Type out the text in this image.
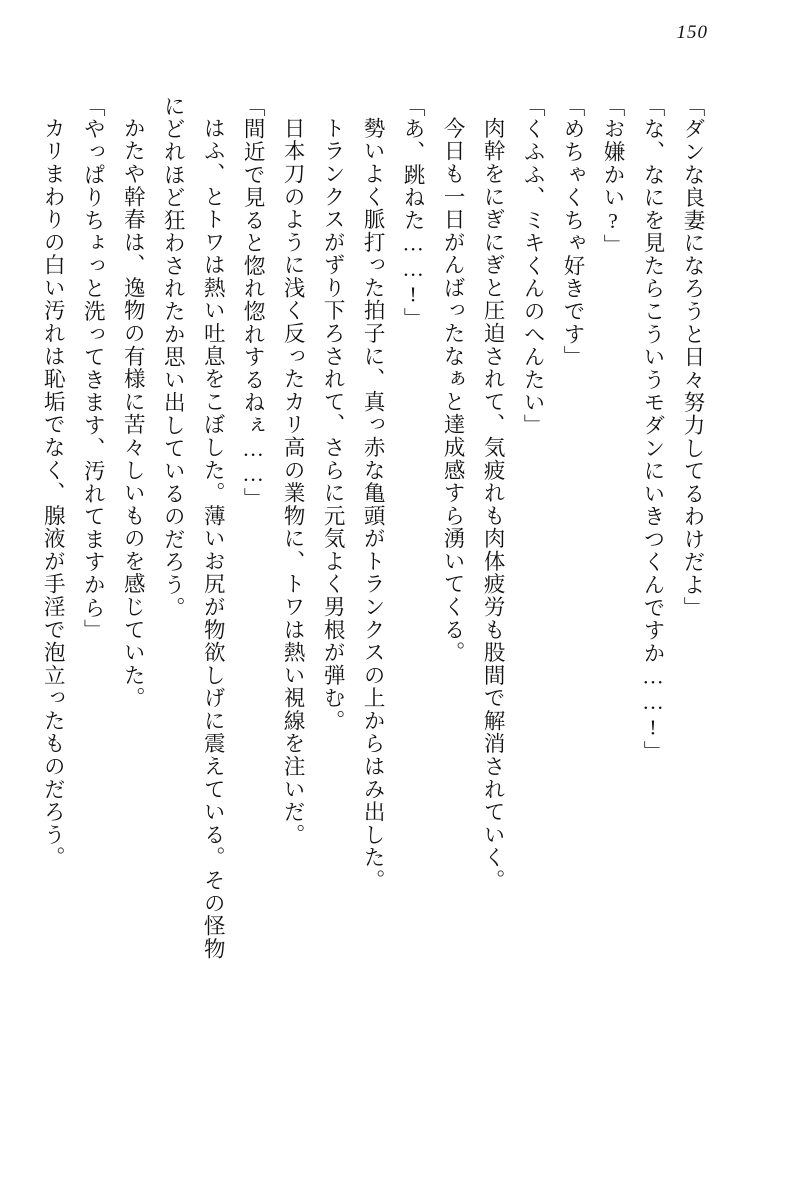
150

「ダンな良妻になろうと日々努力してるわけだよ」

「な、なにを見たらこういうモダンにいきつくんですか……!」

「お嫌かい?」

「めちゃくちゃ好きです」

「くふふ、ミキくんのへんたい」

肉幹をにぎにぎと圧迫されて、気疲れも肉体疲労も股間で解消されていく。

今日も一日がんばったなぁと達成感すら湧いてくる。

「あ、跳ねた……!」

勢いよく脈打った拍子に、真っ赤な亀頭がトランクスの上からはみ出した。

トランクスがずり下ろされて、さらに元気よく男根が弾む。

日本刀のように浅く反ったカリ高の業物に、トワは熱い視線を注いだ。

「間近で見ると惚れ惚れするねぇ……」

はふ、とトワは熱い吐息をこぼした。薄いお尻が物欲しげに震えている。その怪物

にどれほど狂わされたか思い出しているのだろう。

かたや幹春は、逸物の有様に苦々しいものを感じていた。

「やっぱりちょっと洗ってきます、汚れてますから」

カリまわりの白い汚れは恥垢でなく、腺液が手淫で泡立ったものだろう。
